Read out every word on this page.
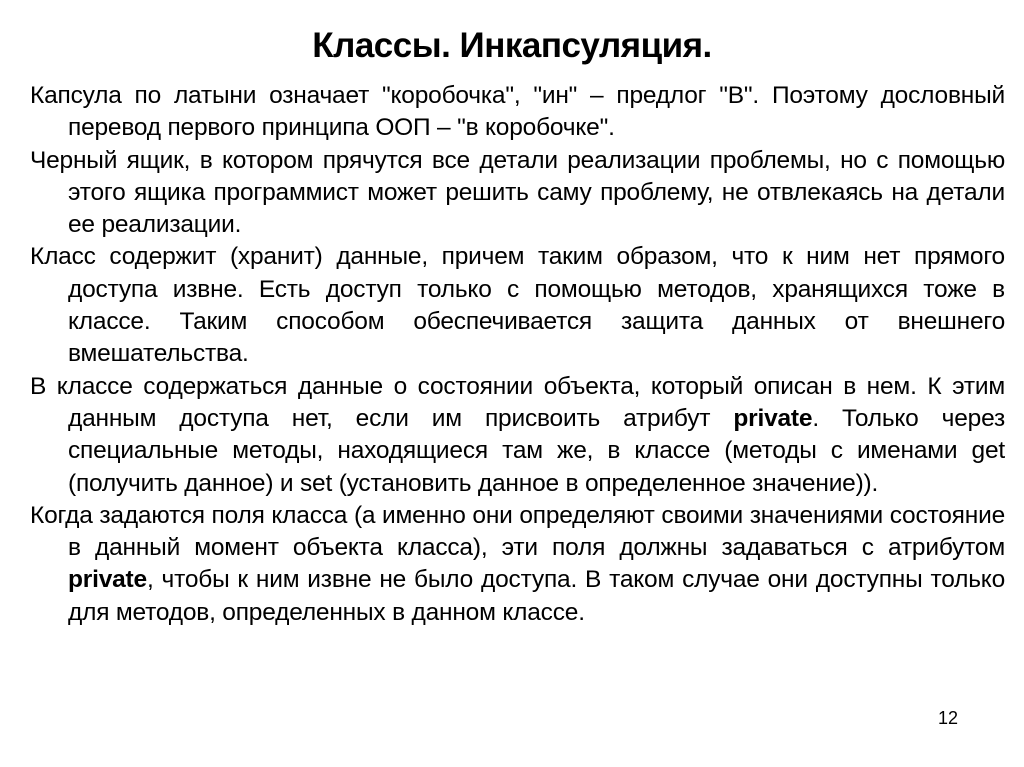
Классы. Инкапсуляция.

Капсула по латыни означает "коробочка", "ин" – предлог "В". Поэтому дословный перевод первого принципа ООП – "в коробочке".

Черный ящик, в котором прячутся все детали реализации проблемы, но с помощью этого ящика программист может решить саму проблему, не отвлекаясь на детали ее реализации.

Класс содержит (хранит) данные, причем таким образом, что к ним нет прямого доступа извне. Есть доступ только с помощью методов, хранящихся тоже в классе. Таким способом обеспечивается защита данных от внешнего вмешательства.

В классе содержаться данные о состоянии объекта, который описан в нем. К этим данным доступа нет, если им присвоить атрибут private. Только через специальные методы, находящиеся там же, в классе (методы с именами get (получить данное) и set (установить данное в определенное значение)).

Когда задаются поля класса (а именно они определяют своими значениями состояние в данный момент объекта класса), эти поля должны задаваться с атрибутом private, чтобы к ним извне не было доступа. В таком случае они доступны только для методов, определенных в данном классе.

12
